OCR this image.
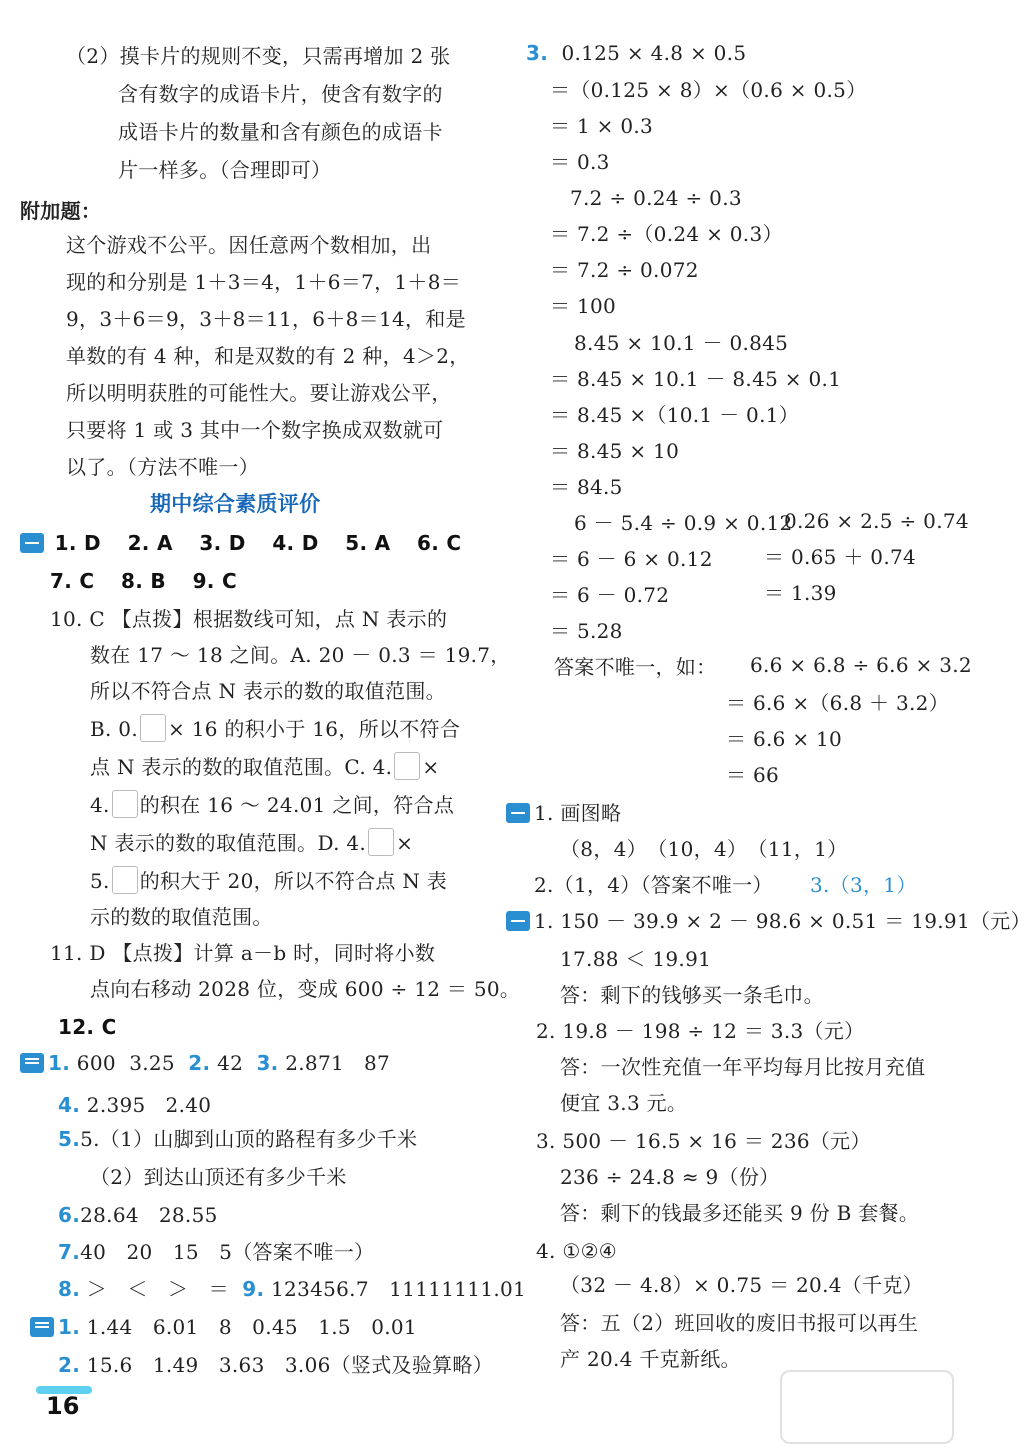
（2）摸卡片的规则不变，只需再增加 2 张
含有数字的成语卡片，使含有数字的
成语卡片的数量和含有颜色的成语卡
片一样多。（合理即可）
附加题：
这个游戏不公平。因任意两个数相加，出
现的和分别是 1＋3＝4，1＋6＝7，1＋8＝
9，3＋6＝9，3＋8＝11，6＋8＝14，和是
单数的有 4 种，和是双数的有 2 种，4＞2，
所以明明获胜的可能性大。要让游戏公平，
只要将 1 或 3 其中一个数字换成双数就可
以了。（方法不唯一）
期中综合素质评价
1. D 2. A 3. D 4. D 5. A 6. C
7. C 8. B 9. C
10. C 【点拨】根据数线可知，点 N 表示的
数在 17 ～ 18 之间。A. 20 － 0.3 ＝ 19.7，
所以不符合点 N 表示的数的取值范围。
B. 0. × 16 的积小于 16，所以不符合
点 N 表示的数的取值范围。C. 4. ×
4. 的积在 16 ～ 24.01 之间，符合点
N 表示的数的取值范围。D. 4. ×
5. 的积大于 20，所以不符合点 N 表
示的数的取值范围。
11. D 【点拨】计算 a－b 时，同时将小数
点向右移动 2028 位，变成 600 ÷ 12 ＝ 50。
12. C
1. 600 3.25 2. 42 3. 2.871 87
4. 2.395 2.40
5.5.（1）山脚到山顶的路程有多少千米
（2）到达山顶还有多少千米
6.28.64 28.55
7.40　20　15　5（答案不唯一）
8. ＞　＜　＞　＝ 9. 123456.7　11111111.01
1. 1.44　6.01　8　0.45　1.5　0.01
2. 15.6　1.49　3.63　3.06（竖式及验算略）
3. 0.125 × 4.8 × 0.5
＝（0.125 × 8）×（0.6 × 0.5）
＝ 1 × 0.3
＝ 0.3
7.2 ÷ 0.24 ÷ 0.3
＝ 7.2 ÷（0.24 × 0.3）
＝ 7.2 ÷ 0.072
＝ 100
8.45 × 10.1 － 0.845
＝ 8.45 × 10.1 － 8.45 × 0.1
＝ 8.45 ×（10.1 － 0.1）
＝ 8.45 × 10
＝ 84.5
6 － 5.4 ÷ 0.9 × 0.12
0.26 × 2.5 ÷ 0.74
＝ 6 － 6 × 0.12	＝ 0.65 ＋ 0.74
＝ 6 － 0.72	＝ 1.39
＝ 5.28
答案不唯一，如： 6.6 × 6.8 ÷ 6.6 × 3.2
＝ 6.6 ×（6.8 ＋ 3.2）
＝ 6.6 × 10
＝ 66
1. 画图略
（8，4）　（10，4）　（11，1）
2.（1，4）（答案不唯一） 3.（3，1）
1. 150 － 39.9 × 2 － 98.6 × 0.51 ＝ 19.91（元）
17.88 ＜ 19.91
答：剩下的钱够买一条毛巾。
2. 19.8 － 198 ÷ 12 ＝ 3.3（元）
答：一次性充值一年平均每月比按月充值
便宜 3.3 元。
3. 500 － 16.5 × 16 ＝ 236（元）
236 ÷ 24.8 ≈ 9（份）
答：剩下的钱最多还能买 9 份 B 套餐。
4. ①②④
（32 － 4.8）× 0.75 ＝ 20.4（千克）
答：五（2）班回收的废旧书报可以再生
产 20.4 千克新纸。
16
